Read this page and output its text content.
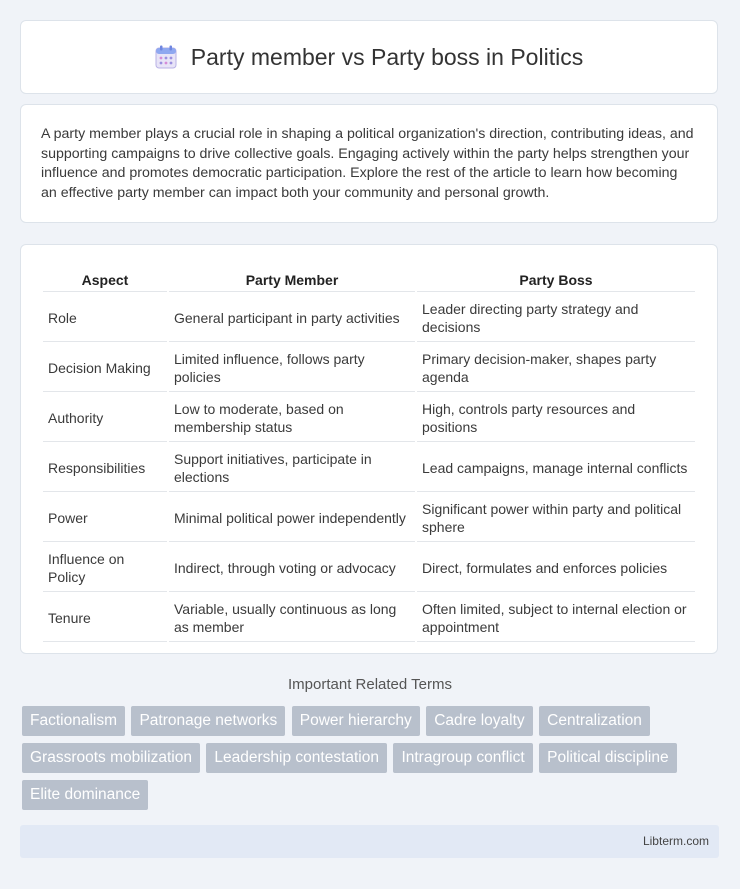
Party member vs Party boss in Politics

A party member plays a crucial role in shaping a political organization's direction, contributing ideas, and supporting campaigns to drive collective goals. Engaging actively within the party helps strengthen your influence and promotes democratic participation. Explore the rest of the article to learn how becoming an effective party member can impact both your community and personal growth.

Aspect	Party Member	Party Boss
Role	General participant in party activities	Leader directing party strategy and decisions
Decision Making	Limited influence, follows party policies	Primary decision-maker, shapes party agenda
Authority	Low to moderate, based on membership status	High, controls party resources and positions
Responsibilities	Support initiatives, participate in elections	Lead campaigns, manage internal conflicts
Power	Minimal political power independently	Significant power within party and political sphere
Influence on Policy	Indirect, through voting or advocacy	Direct, formulates and enforces policies
Tenure	Variable, usually continuous as long as member	Often limited, subject to internal election or appointment
Important Related Terms
Factionalism Patronage networks Power hierarchy Cadre loyalty Centralization Grassroots mobilization Leadership contestation Intragroup conflict Political discipline Elite dominance
Libterm.com
